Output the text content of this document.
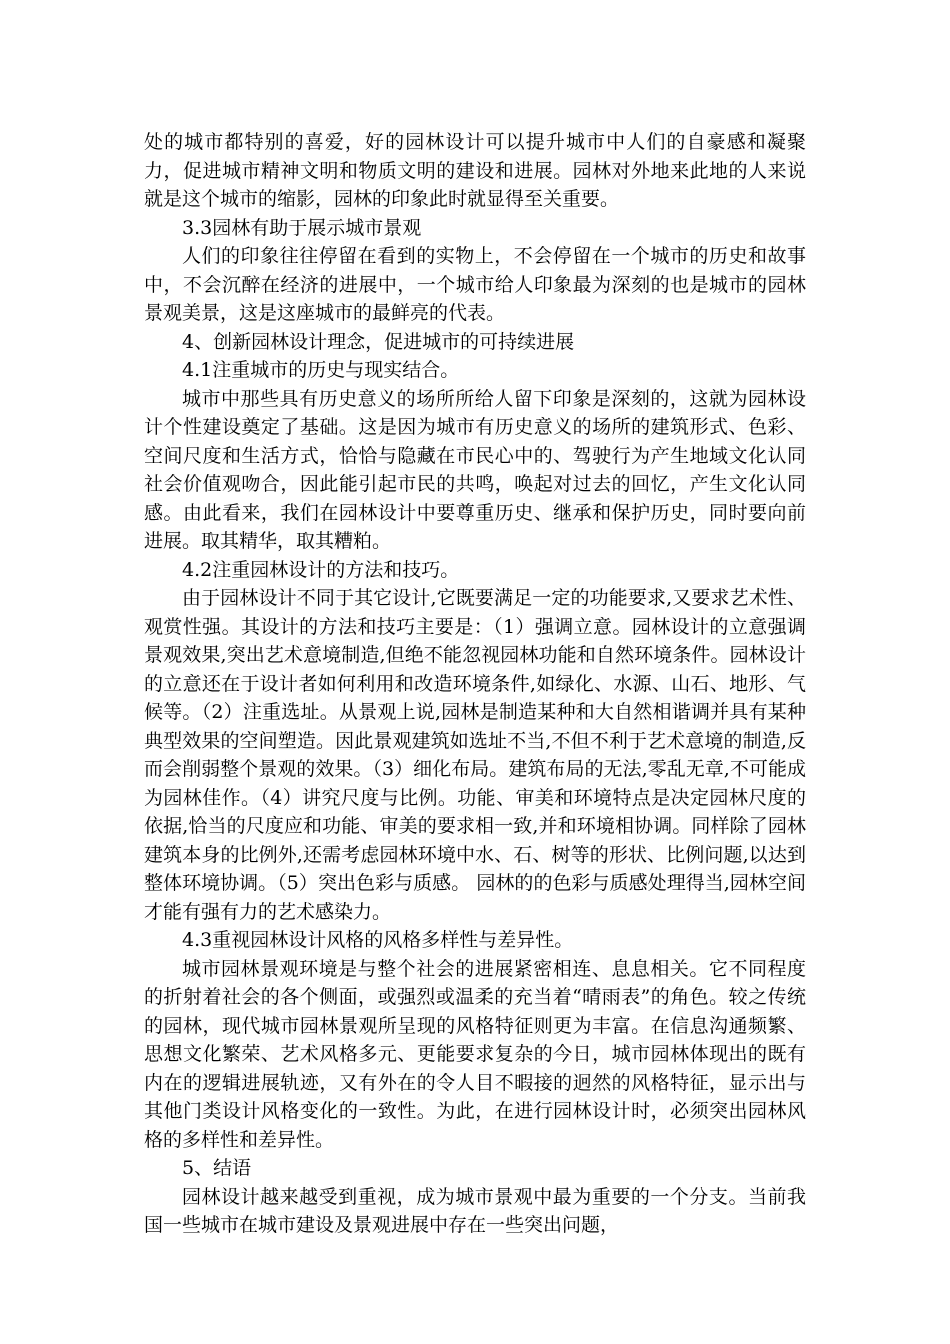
处的城市都特别的喜爱，好的园林设计可以提升城市中人们的自豪感和凝聚力，促进城市精神文明和物质文明的建设和进展。园林对外地来此地的人来说就是这个城市的缩影，园林的印象此时就显得至关重要。

3.3园林有助于展示城市景观

人们的印象往往停留在看到的实物上，不会停留在一个城市的历史和故事中，不会沉醉在经济的进展中，一个城市给人印象最为深刻的也是城市的园林景观美景，这是这座城市的最鲜亮的代表。

4、创新园林设计理念，促进城市的可持续进展

4.1注重城市的历史与现实结合。

城市中那些具有历史意义的场所所给人留下印象是深刻的，这就为园林设计个性建设奠定了基础。这是因为城市有历史意义的场所的建筑形式、色彩、空间尺度和生活方式，恰恰与隐藏在市民心中的、驾驶行为产生地域文化认同社会价值观吻合，因此能引起市民的共鸣，唤起对过去的回忆，产生文化认同感。由此看来，我们在园林设计中要尊重历史、继承和保护历史，同时要向前进展。取其精华，取其糟粕。

4.2注重园林设计的方法和技巧。

由于园林设计不同于其它设计,它既要满足一定的功能要求,又要求艺术性、观赏性强。其设计的方法和技巧主要是：（1）强调立意。园林设计的立意强调景观效果,突出艺术意境制造,但绝不能忽视园林功能和自然环境条件。园林设计的立意还在于设计者如何利用和改造环境条件,如绿化、水源、山石、地形、气候等。（2）注重选址。从景观上说,园林是制造某种和大自然相谐调并具有某种典型效果的空间塑造。因此景观建筑如选址不当,不但不利于艺术意境的制造,反而会削弱整个景观的效果。（3）细化布局。建筑布局的无法,零乱无章,不可能成为园林佳作。（4）讲究尺度与比例。功能、审美和环境特点是决定园林尺度的依据,恰当的尺度应和功能、审美的要求相一致,并和环境相协调。同样除了园林建筑本身的比例外,还需考虑园林环境中水、石、树等的形状、比例问题,以达到整体环境协调。（5）突出色彩与质感。 园林的的色彩与质感处理得当,园林空间才能有强有力的艺术感染力。

4.3重视园林设计风格的风格多样性与差异性。

城市园林景观环境是与整个社会的进展紧密相连、息息相关。它不同程度的折射着社会的各个侧面，或强烈或温柔的充当着“晴雨表”的角色。较之传统的园林，现代城市园林景观所呈现的风格特征则更为丰富。在信息沟通频繁、思想文化繁荣、艺术风格多元、更能要求复杂的今日，城市园林体现出的既有内在的逻辑进展轨迹，又有外在的令人目不暇接的迥然的风格特征，显示出与其他门类设计风格变化的一致性。为此，在进行园林设计时，必须突出园林风格的多样性和差异性。

5、结语

园林设计越来越受到重视，成为城市景观中最为重要的一个分支。当前我国一些城市在城市建设及景观进展中存在一些突出问题，
